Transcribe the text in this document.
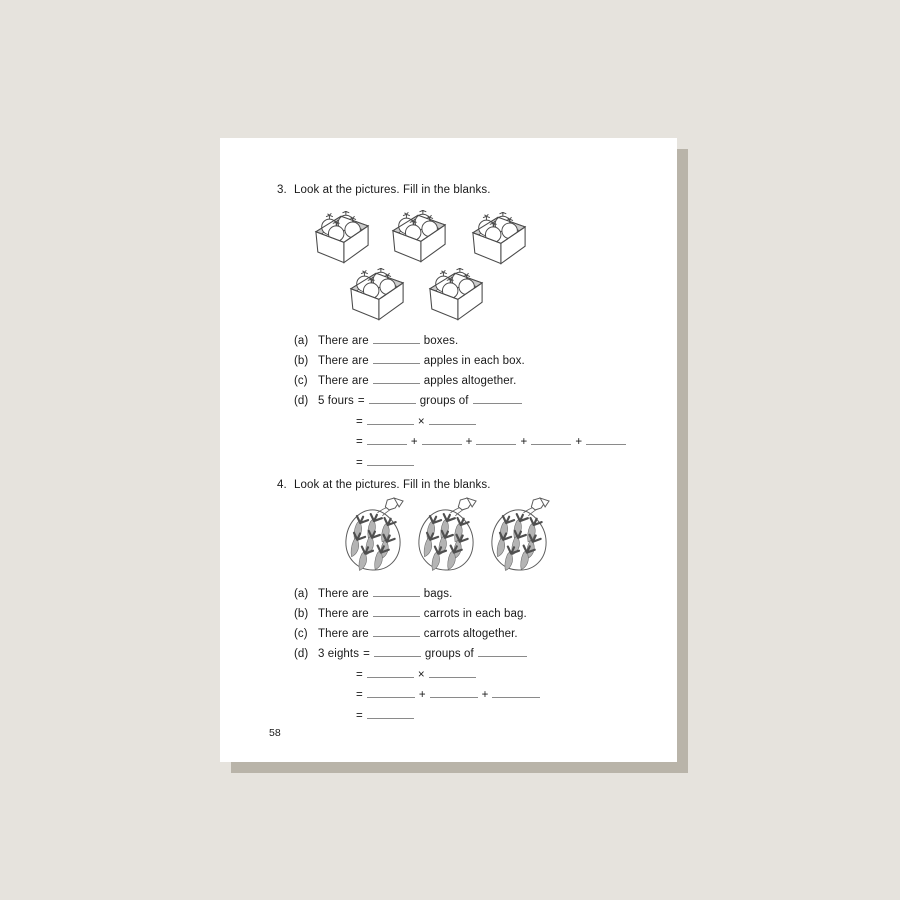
3. Look at the pictures. Fill in the blanks.
(a) There are	boxes.
(b) There are	apples in each box.
(c) There are	apples altogether.
(d) 5 fours =	groups of
=	×
=	+	+	+	+
=
4. Look at the pictures. Fill in the blanks.
(a) There are	bags.
(b) There are	carrots in each bag.
(c) There are	carrots altogether.
(d) 3 eights =	groups of
=	×
=	+	+
=
58
